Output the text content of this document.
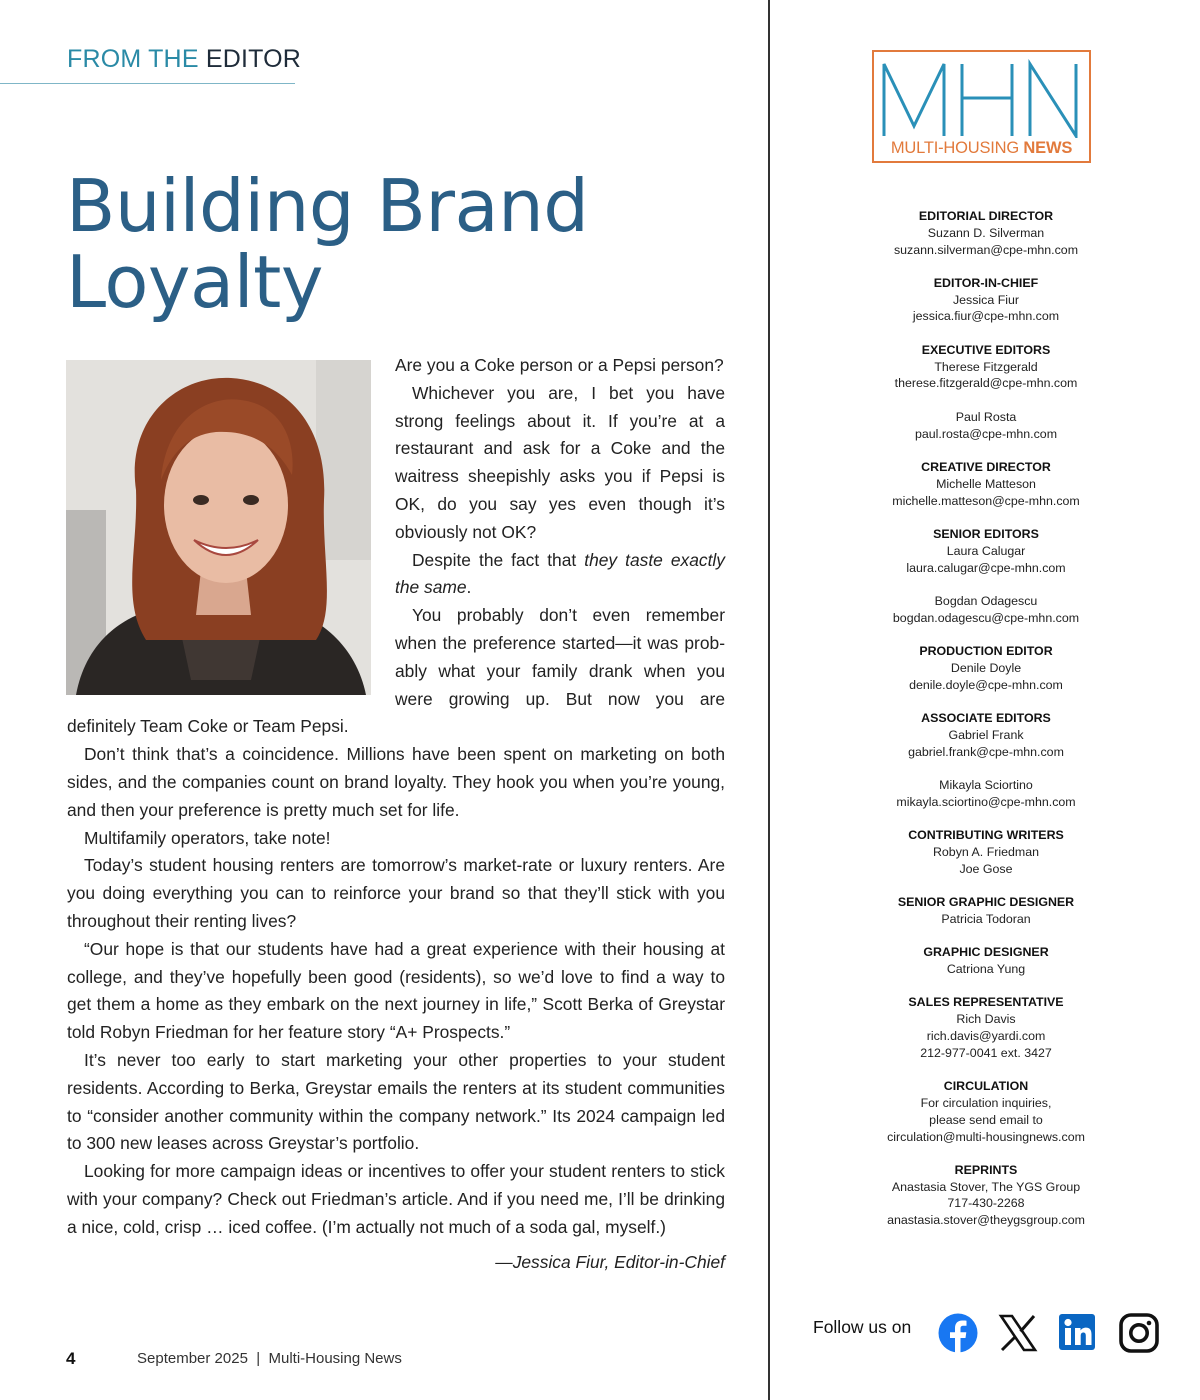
FROM THE EDITOR
Building Brand Loyalty

Are you a Coke person or a Pepsi person?

Whichever you are, I bet you have strong feelings about it. If you’re at a restaurant and ask for a Coke and the waitress sheepishly asks you if Pepsi is OK, do you say yes even though it’s obviously not OK?

Despite the fact that they taste exactly the same.

You probably don’t even remember when the preference started—it was probably what your family drank when you were growing up. But now you are definitely Team Coke or Team Pepsi.

Don’t think that’s a coincidence. Millions have been spent on marketing on both sides, and the companies count on brand loyalty. They hook you when you’re young, and then your preference is pretty much set for life.

Multifamily operators, take note!

Today’s student housing renters are tomorrow’s market-rate or luxury renters. Are you doing everything you can to reinforce your brand so that they’ll stick with you throughout their renting lives?

“Our hope is that our students have had a great experience with their housing at college, and they’ve hopefully been good (residents), so we’d love to find a way to get them a home as they embark on the next journey in life,” Scott Berka of Greystar told Robyn Friedman for her feature story “A+ Prospects.”

It’s never too early to start marketing your other properties to your student residents. According to Berka, Greystar emails the renters at its student communities to “consider another community within the company network.” Its 2024 campaign led to 300 new leases across Greystar’s portfolio.

Looking for more campaign ideas or incentives to offer your student renters to stick with your company? Check out Friedman’s article. And if you need me, I’ll be drinking a nice, cold, crisp … iced coffee. (I’m actually not much of a soda gal, myself.)

—Jessica Fiur, Editor-in-Chief
4	September 2025  |  Multi-Housing News
MULTI-HOUSING NEWS
EDITORIAL DIRECTOR
Suzann D. Silverman
suzann.silverman@cpe-mhn.com
EDITOR-IN-CHIEF
Jessica Fiur
jessica.fiur@cpe-mhn.com
EXECUTIVE EDITORS
Therese Fitzgerald
therese.fitzgerald@cpe-mhn.com
Paul Rosta
paul.rosta@cpe-mhn.com
CREATIVE DIRECTOR
Michelle Matteson
michelle.matteson@cpe-mhn.com
SENIOR EDITORS
Laura Calugar
laura.calugar@cpe-mhn.com
Bogdan Odagescu
bogdan.odagescu@cpe-mhn.com
PRODUCTION EDITOR
Denile Doyle
denile.doyle@cpe-mhn.com
ASSOCIATE EDITORS
Gabriel Frank
gabriel.frank@cpe-mhn.com
Mikayla Sciortino
mikayla.sciortino@cpe-mhn.com
CONTRIBUTING WRITERS
Robyn A. Friedman
Joe Gose
SENIOR GRAPHIC DESIGNER
Patricia Todoran
GRAPHIC DESIGNER
Catriona Yung
SALES REPRESENTATIVE
Rich Davis
rich.davis@yardi.com
212-977-0041 ext. 3427
CIRCULATION
For circulation inquiries,
please send email to
circulation@multi-housingnews.com
REPRINTS
Anastasia Stover, The YGS Group
717-430-2268
anastasia.stover@theygsgroup.com
Follow us on
